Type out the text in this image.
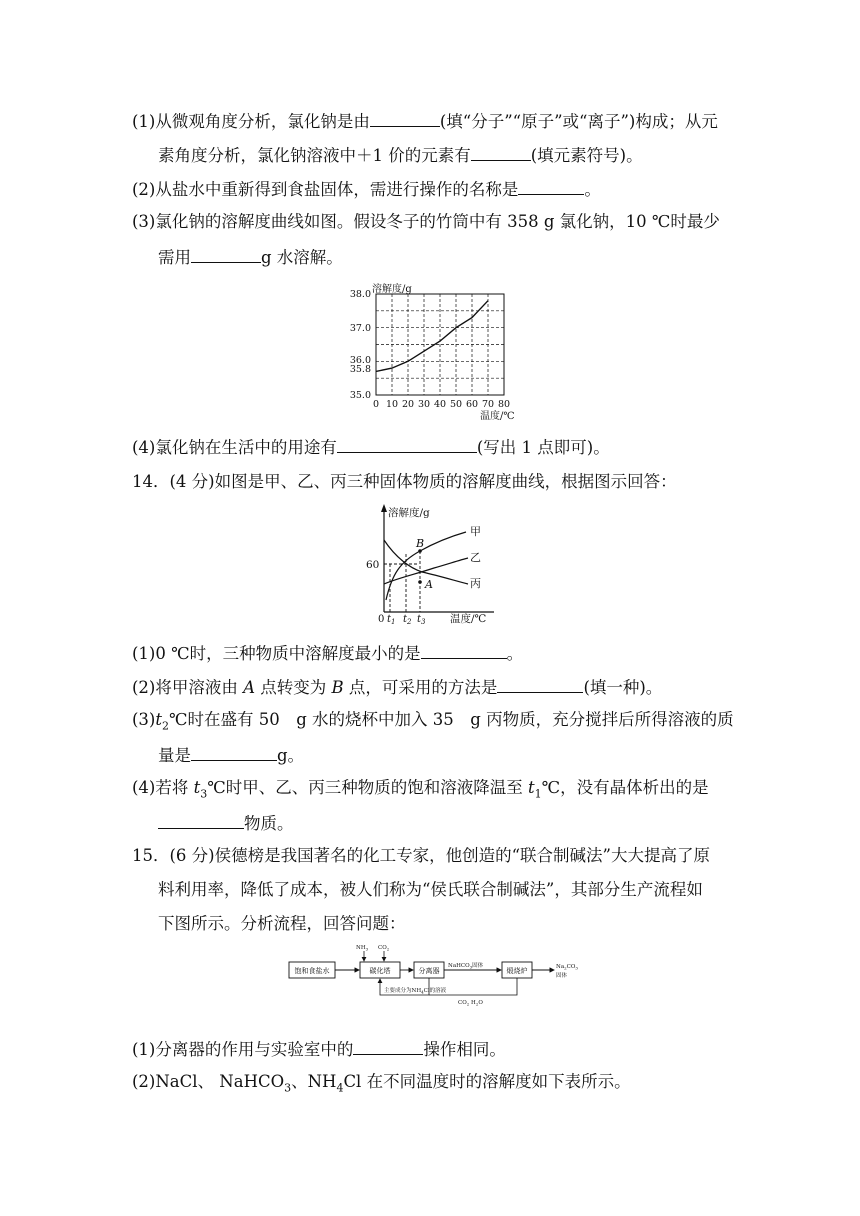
(1)从微观角度分析，氯化钠是由	(填“分子”“原子”或“离子”)构成；从元
素角度分析，氯化钠溶液中＋1 价的元素有	(填元素符号)。
(2)从盐水中重新得到食盐固体，需进行操作的名称是	。
(3)氯化钠的溶解度曲线如图。假设冬子的竹筒中有 358 g 氯化钠，10 ℃时最少
需用	g 水溶解。
溶解度/g
38.0
37.0
36.0
35.8
35.0
0 10 20 30 40 50 60 70 80
温度/℃
(4)氯化钠在生活中的用途有	(写出 1 点即可)。
14．(4 分)如图是甲、乙、丙三种固体物质的溶解度曲线，根据图示回答：
溶解度/g
60
B
A
甲
乙
丙
0 $t_1$ $t_2$ $t_3$ 温度/℃
(1)0 ℃时，三种物质中溶解度最小的是	。
(2)将甲溶液由 A 点转变为 B 点，可采用的方法是	(填一种)。
$(3)t_2℃$时在盛有 50　g 水的烧杯中加入 35　g 丙物质，充分搅拌后所得溶液的质
量是	g。
(4)若将 $t_3℃$时甲、乙、丙三种物质的饱和溶液降温至 $t_1℃$，没有晶体析出的是
物质。
15．(6 分)侯德榜是我国著名的化工专家，他创造的“联合制碱法”大大提高了原
料利用率，降低了成本，被人们称为“侯氏联合制碱法”，其部分生产流程如
下图所示。分析流程，回答问题：
饱和食盐水	碳化塔
$NH_3$ $CO_2$
分离器
NaHCO$_3$固体
煅烧炉	$Na_2CO_3$
固体
主要成分为$NH_4Cl$的溶液
$CO_2$ $H_2O$
(1)分离器的作用与实验室中的	操作相同。
(2)NaCl、 NaHCO$_3$、$NH_4Cl$ 在不同温度时的溶解度如下表所示。
